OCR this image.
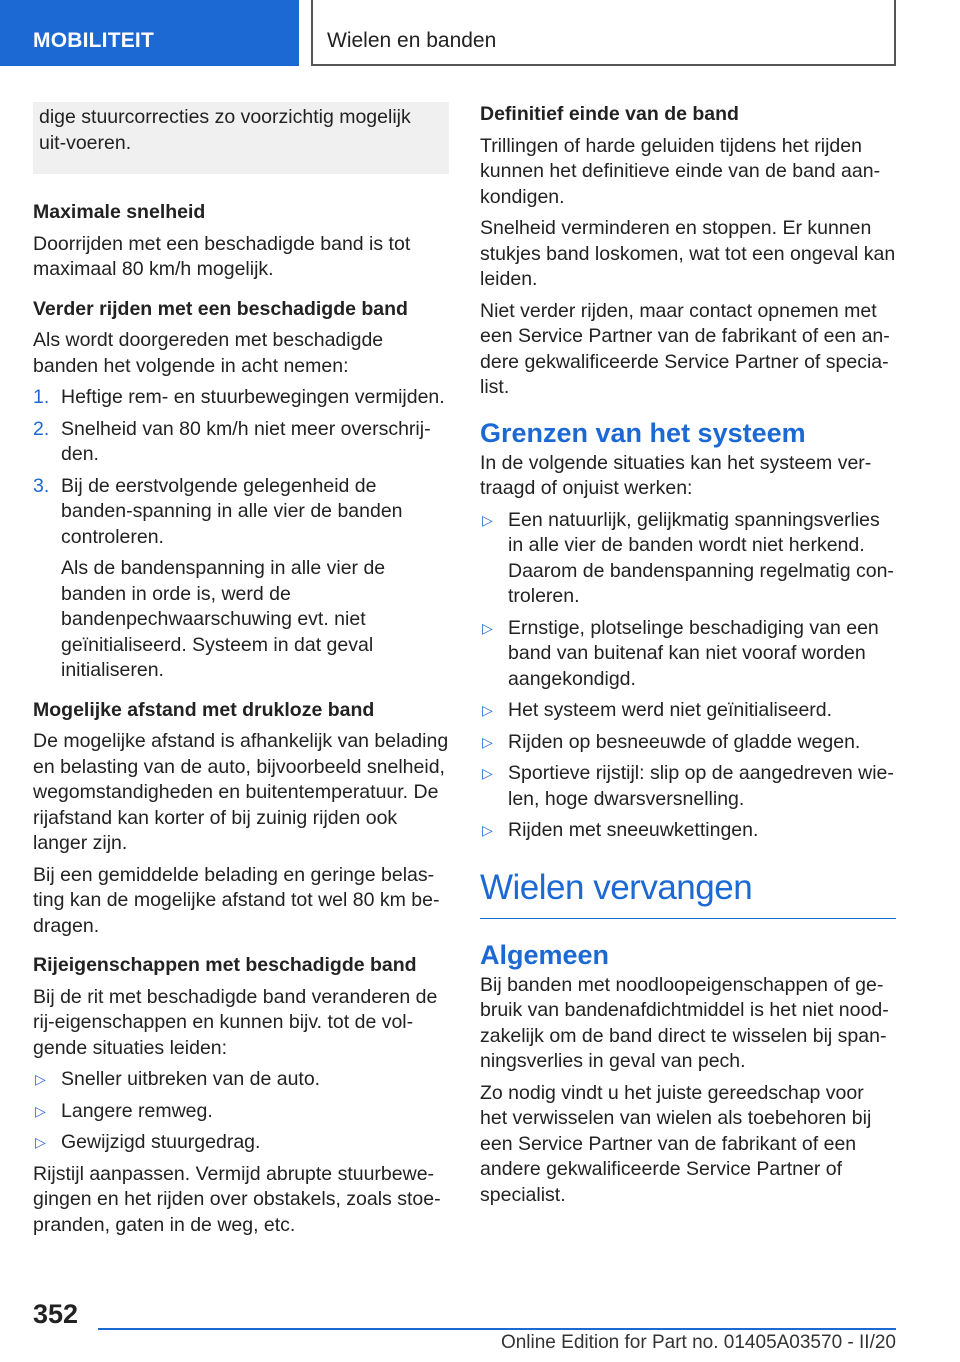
MOBILITEIT	Wielen en banden

dige stuurcorrecties zo voorzichtig mogelijk uit-voeren.

Maximale snelheid

Doorrijden met een beschadigde band is tot maximaal 80 km/h mogelijk.

Verder rijden met een beschadigde band

Als wordt doorgereden met beschadigde banden het volgende in acht nemen:

1. Heftige rem- en stuurbewegingen vermijden.
2. Snelheid van 80 km/h niet meer overschrij-den.
3. Bij de eerstvolgende gelegenheid de banden-spanning in alle vier de banden controleren.

Als de bandenspanning in alle vier de banden in orde is, werd de bandenpechwaarschuwing evt. niet geïnitialiseerd. Systeem in dat geval initialiseren.

Mogelijke afstand met drukloze band

De mogelijke afstand is afhankelijk van belading en belasting van de auto, bijvoorbeeld snelheid, wegomstandigheden en buitentemperatuur. De rijafstand kan korter of bij zuinig rijden ook langer zijn.

Bij een gemiddelde belading en geringe belas-ting kan de mogelijke afstand tot wel 80 km be-dragen.

Rijeigenschappen met beschadigde band

Bij de rit met beschadigde band veranderen de rij-eigenschappen en kunnen bijv. tot de vol-gende situaties leiden:

▷ Sneller uitbreken van de auto.
▷ Langere remweg.
▷ Gewijzigd stuurgedrag.

Rijstijl aanpassen. Vermijd abrupte stuurbewe-gingen en het rijden over obstakels, zoals stoe-pranden, gaten in de weg, etc.

Definitief einde van de band

Trillingen of harde geluiden tijdens het rijden kunnen het definitieve einde van de band aan-kondigen.

Snelheid verminderen en stoppen. Er kunnen stukjes band loskomen, wat tot een ongeval kan leiden.

Niet verder rijden, maar contact opnemen met een Service Partner van de fabrikant of een an-dere gekwalificeerde Service Partner of specia-list.

Grenzen van het systeem

In de volgende situaties kan het systeem ver-traagd of onjuist werken:

▷ Een natuurlijk, gelijkmatig spanningsverlies in alle vier de banden wordt niet herkend. Daarom de bandenspanning regelmatig con-troleren.
▷ Ernstige, plotselinge beschadiging van een band van buitenaf kan niet vooraf worden aangekondigd.
▷ Het systeem werd niet geïnitialiseerd.
▷ Rijden op besneeuwde of gladde wegen.
▷ Sportieve rijstijl: slip op de aangedreven wie-len, hoge dwarsversnelling.
▷ Rijden met sneeuwkettingen.
Wielen vervangen
Algemeen

Bij banden met noodloopeigenschappen of ge-bruik van bandenafdichtmiddel is het niet nood-zakelijk om de band direct te wisselen bij span-ningsverlies in geval van pech.

Zo nodig vindt u het juiste gereedschap voor het verwisselen van wielen als toebehoren bij een Service Partner van de fabrikant of een andere gekwalificeerde Service Partner of specialist.

352
Online Edition for Part no. 01405A03570 - II/20
